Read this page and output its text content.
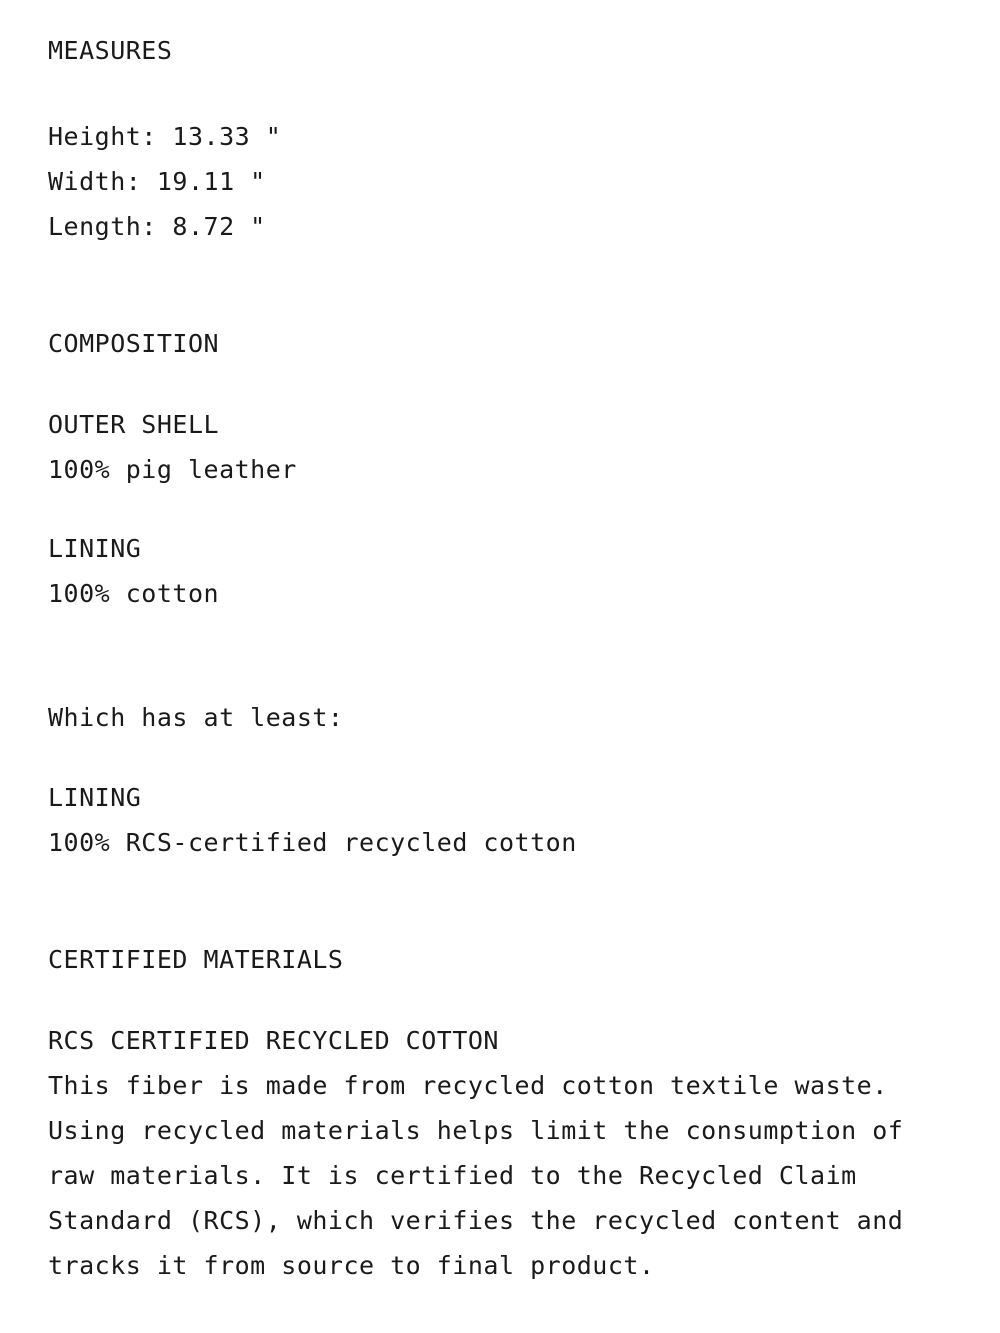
MEASURES
Height: 13.33 "
Width: 19.11 "
Length: 8.72 "
COMPOSITION
OUTER SHELL
100% pig leather
LINING
100% cotton
Which has at least:
LINING
100% RCS-certified recycled cotton
CERTIFIED MATERIALS
RCS CERTIFIED RECYCLED COTTON
This fiber is made from recycled cotton textile waste. Using recycled materials helps limit the consumption of raw materials. It is certified to the Recycled Claim Standard (RCS), which verifies the recycled content and tracks it from source to final product.
